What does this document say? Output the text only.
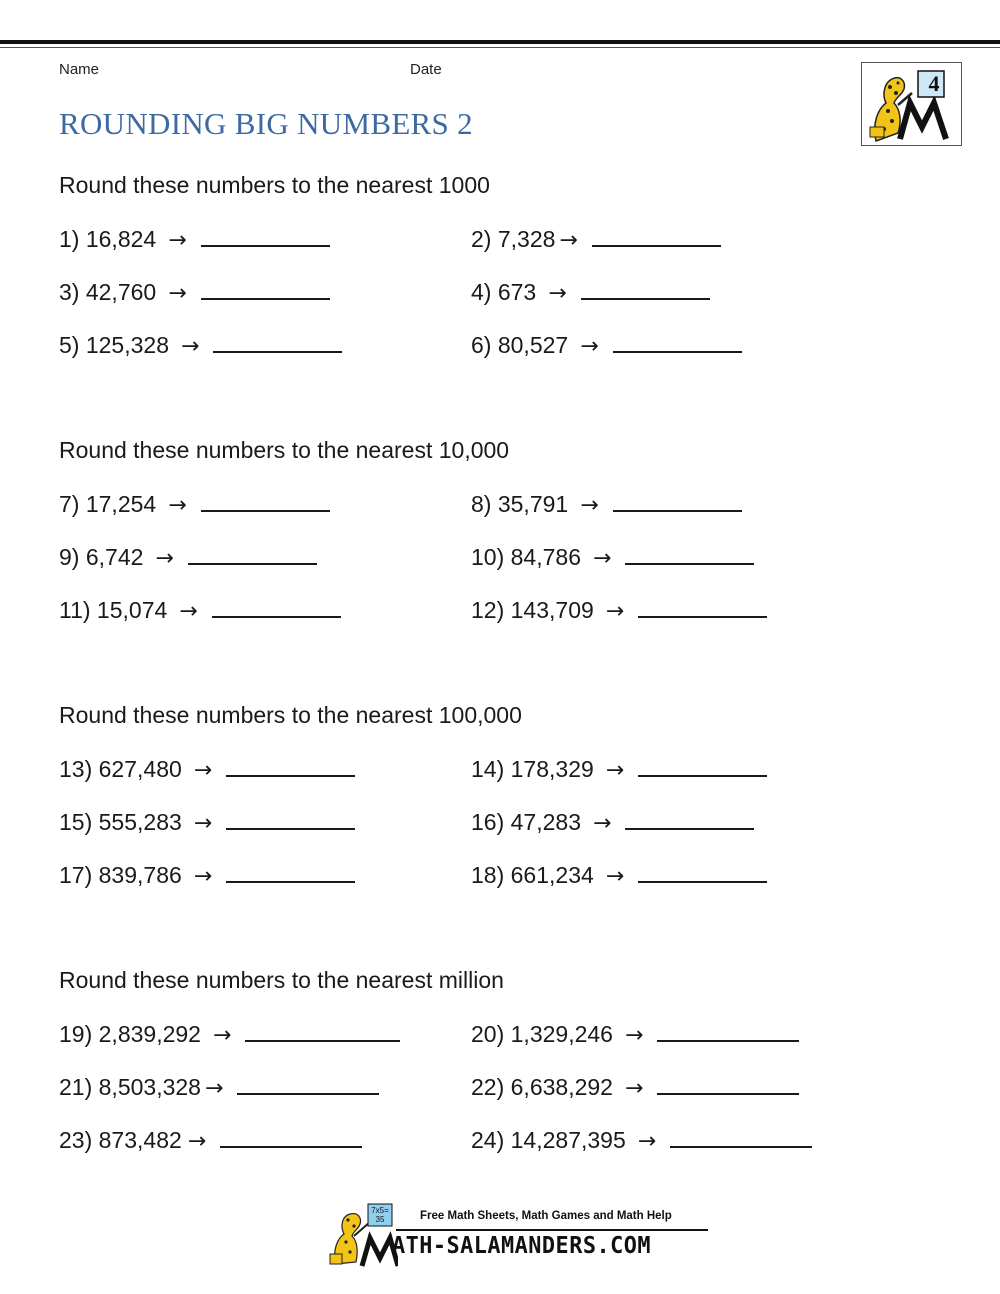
Name	Date
ROUNDING BIG NUMBERS 2
4
Round these numbers to the nearest 1000
1) 16,824 →	2) 7,328 →
3) 42,760 →	4) 673 →
5) 125,328 →	6) 80,527 →
Round these numbers to the nearest 10,000
7) 17,254 →	8) 35,791 →
9) 6,742 →	10) 84,786 →
11) 15,074 →	12) 143,709 →
Round these numbers to the nearest 100,000
13) 627,480 →	14) 178,329 →
15) 555,283 →	16) 47,283 →
17) 839,786 →	18) 661,234 →
Round these numbers to the nearest million
19) 2,839,292 →	20) 1,329,246 →
21) 8,503,328 →	22) 6,638,292 →
23) 873,482 →	24) 14,287,395 →
7x5=35	Free Math Sheets, Math Games and Math Help
ATH-SALAMANDERS.COM
